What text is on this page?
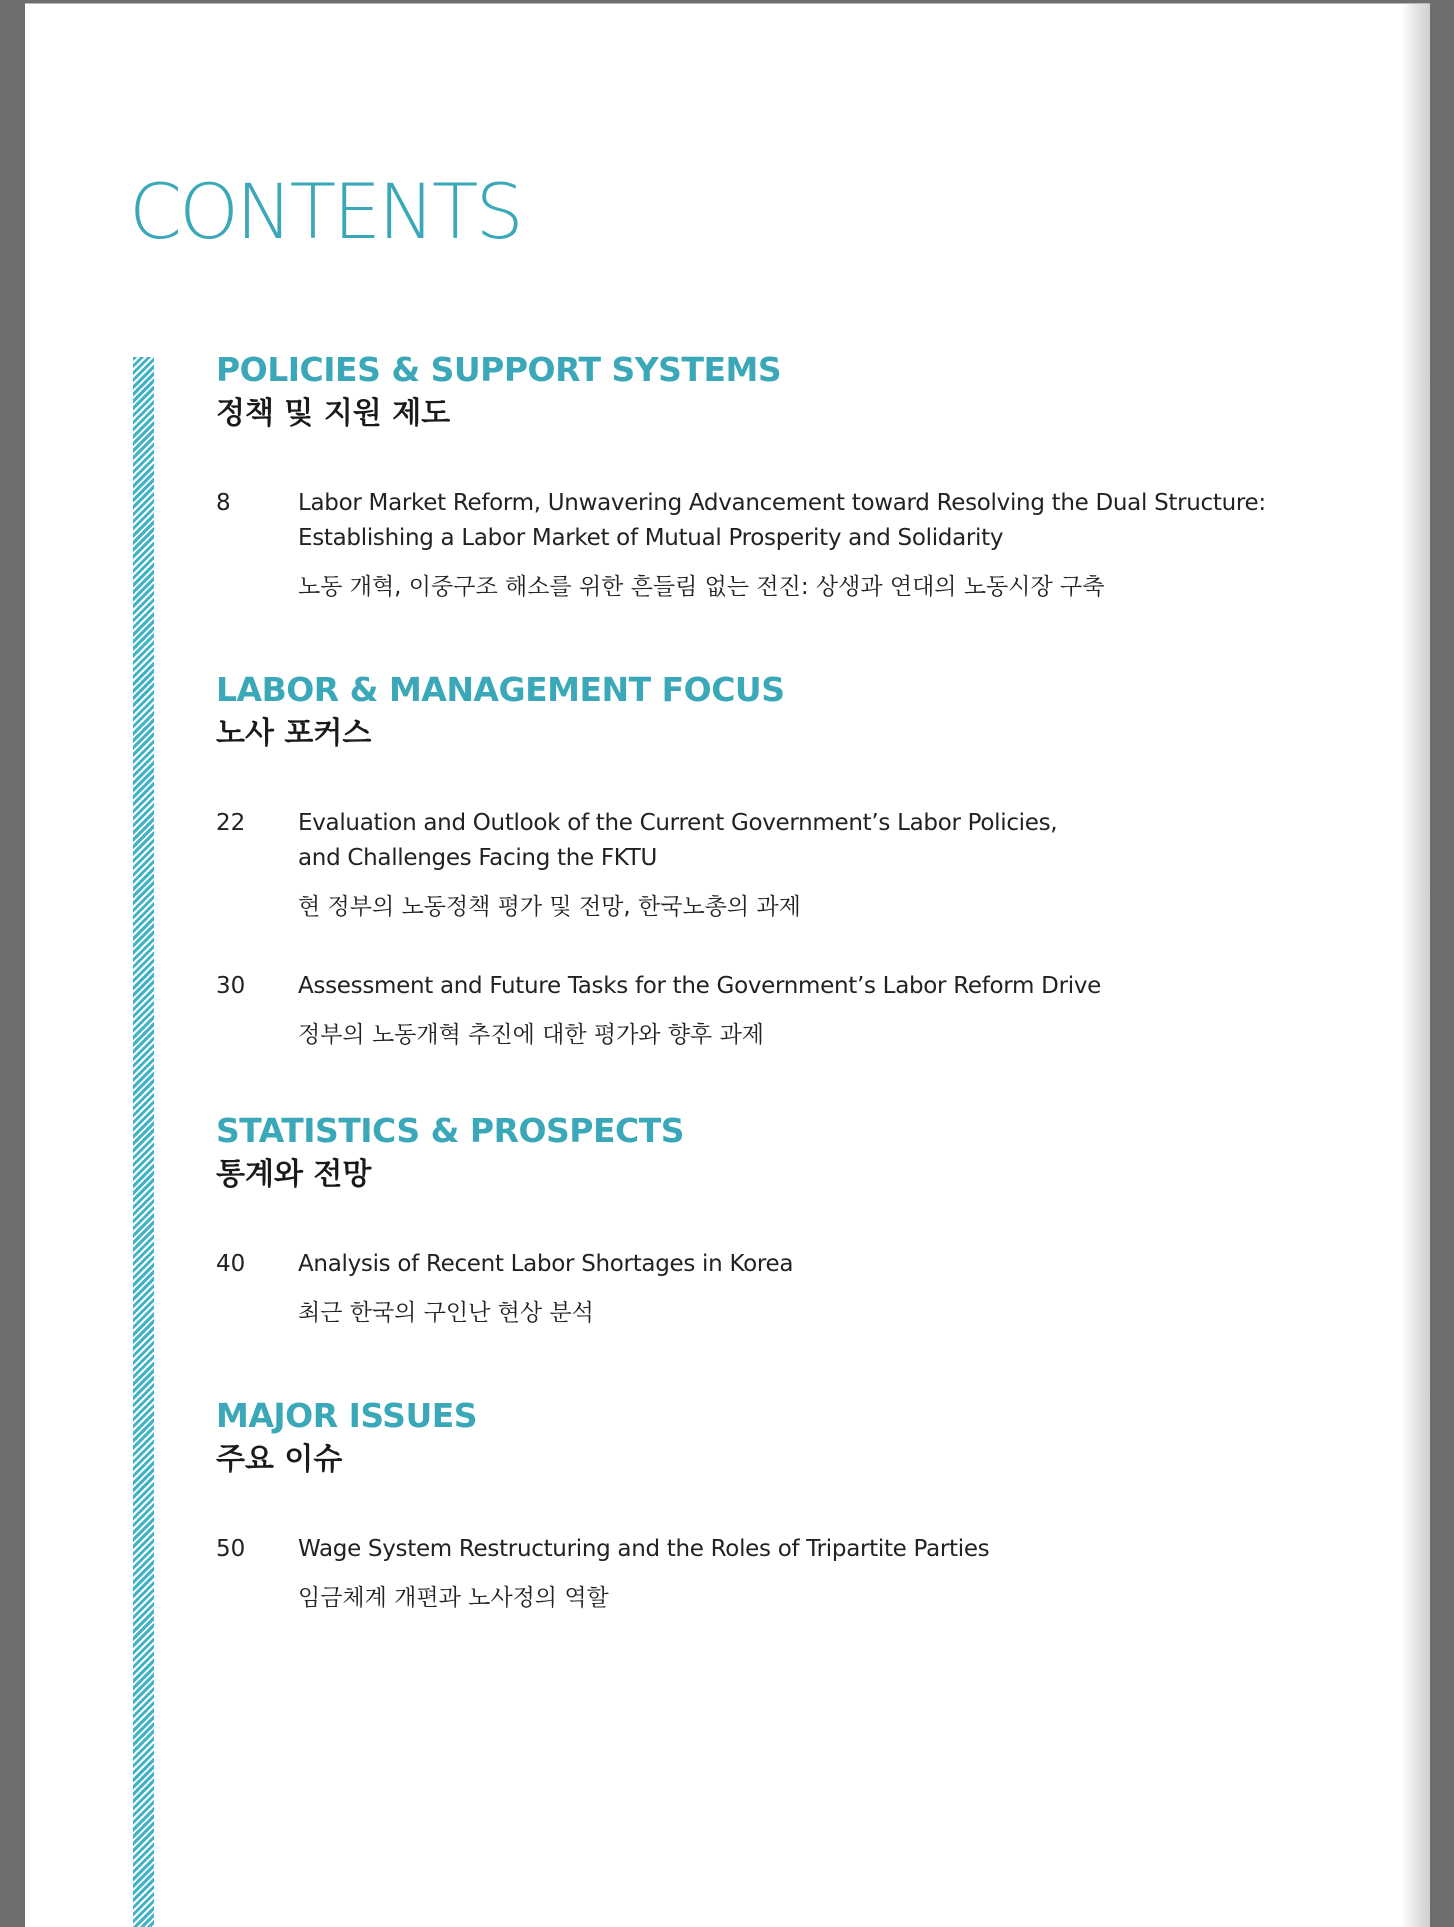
CONTENTS
POLICIES & SUPPORT SYSTEMS
정책 및 지원 제도
8	Labor Market Reform, Unwavering Advancement toward Resolving the Dual Structure:
Establishing a Labor Market of Mutual Prosperity and Solidarity
노동 개혁, 이중구조 해소를 위한 흔들림 없는 전진: 상생과 연대의 노동시장 구축
LABOR & MANAGEMENT FOCUS
노사 포커스
22 Evaluation and Outlook of the Current Government’s Labor Policies,
and Challenges Facing the FKTU
현 정부의 노동정책 평가 및 전망, 한국노총의 과제
30 Assessment and Future Tasks for the Government’s Labor Reform Drive
정부의 노동개혁 추진에 대한 평가와 향후 과제
STATISTICS & PROSPECTS
통계와 전망
40 Analysis of Recent Labor Shortages in Korea
최근 한국의 구인난 현상 분석
MAJOR ISSUES
주요 이슈
50 Wage System Restructuring and the Roles of Tripartite Parties
임금체계 개편과 노사정의 역할
